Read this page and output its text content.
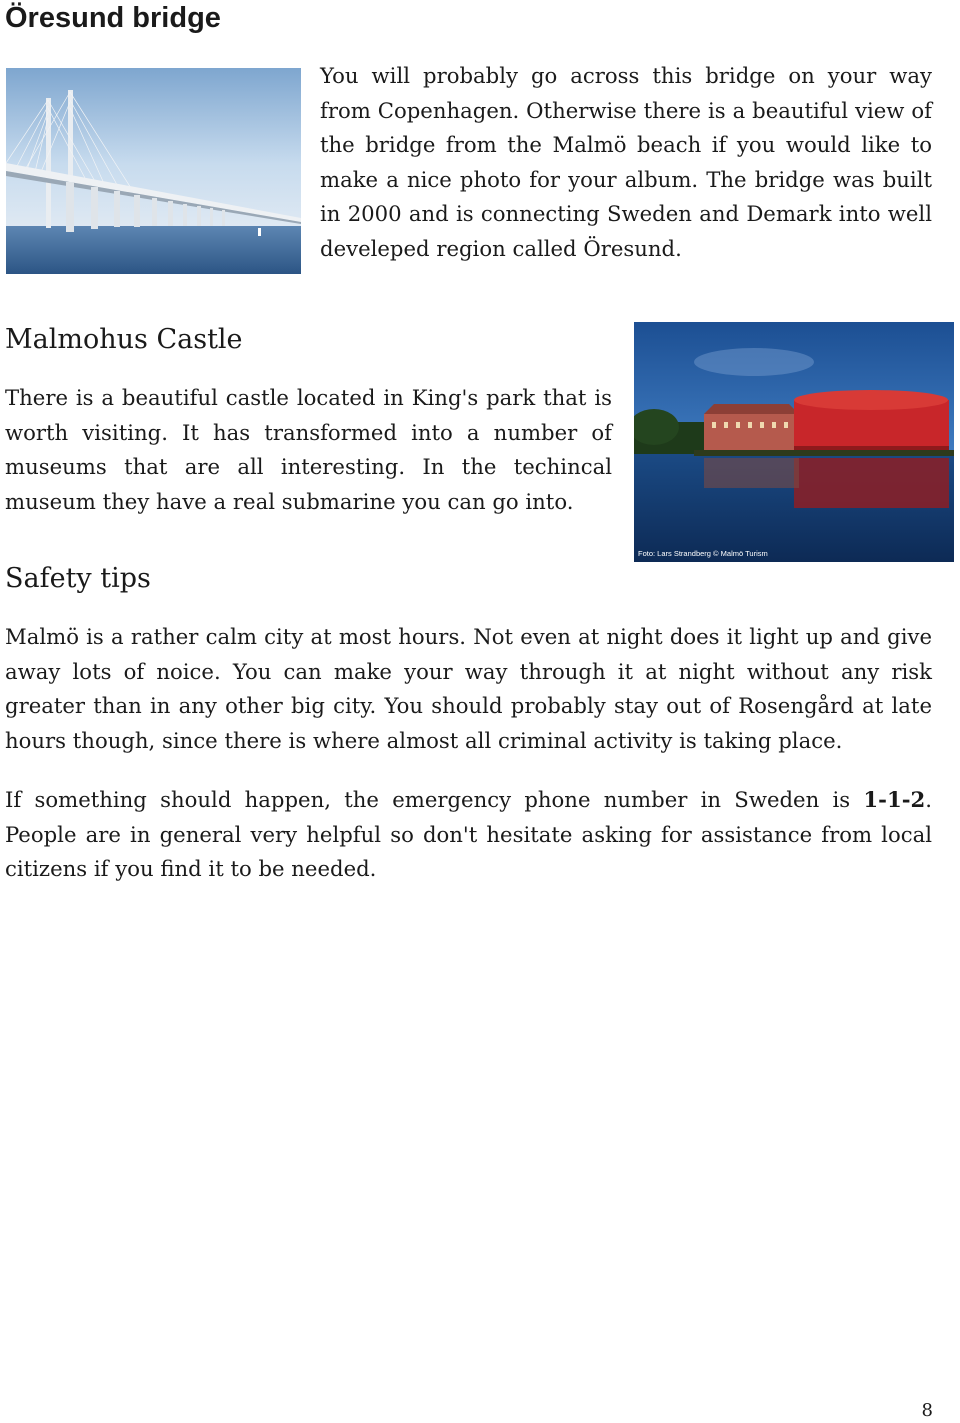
Öresund bridge

You will probably go across this bridge on your way from Copenhagen. Otherwise there is a beautiful view of the bridge from the Malmö beach if you would like to make a nice photo for your album. The bridge was built in 2000 and is connecting Sweden and Demark into well develeped region called Öresund.

Malmohus Castle

There is a beautiful castle located in King's park that is worth visiting. It has transformed into a number of museums that are all interesting. In the techincal museum they have a real submarine you can go into.

Foto: Lars Strandberg © Malmö Turism
Safety tips

Malmö is a rather calm city at most hours. Not even at night does it light up and give away lots of noice. You can make your way through it at night without any risk greater than in any other big city. You should probably stay out of Rosengård at late hours though, since there is where almost all criminal activity is taking place.

If something should happen, the emergency phone number in Sweden is 1-1-2. People are in general very helpful so don't hesitate asking for assistance from local citizens if you find it to be needed.

8
